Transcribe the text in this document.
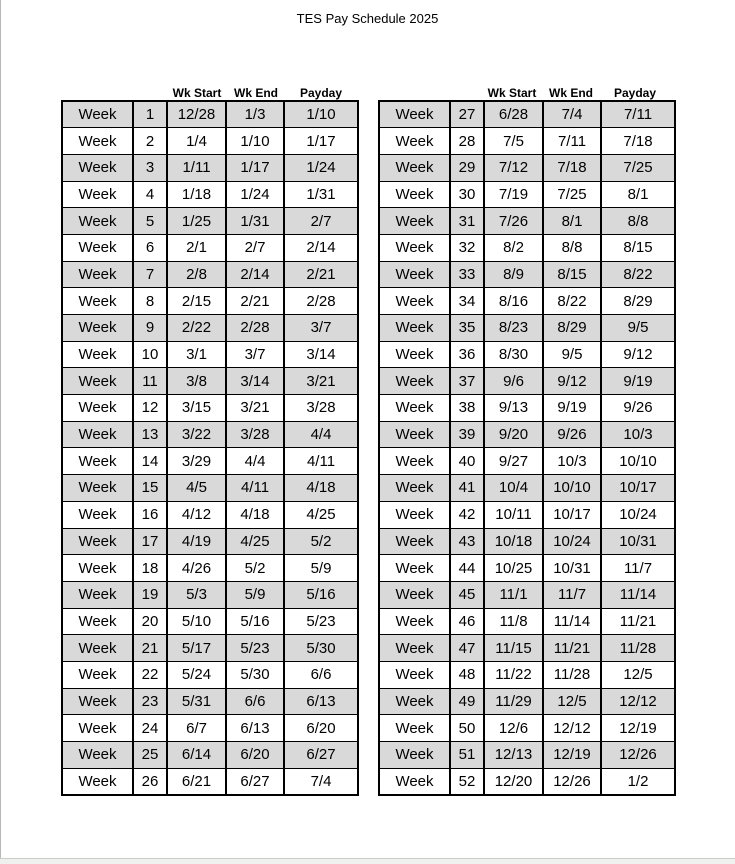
TES Pay Schedule 2025
Wk Start	Wk End	Payday	Wk Start	Wk End	Payday
Week	1	12/28	1/3	1/10
Week	2	1/4	1/10	1/17
Week	3	1/11	1/17	1/24
Week	4	1/18	1/24	1/31
Week	5	1/25	1/31	2/7
Week	6	2/1	2/7	2/14
Week	7	2/8	2/14	2/21
Week	8	2/15	2/21	2/28
Week	9	2/22	2/28	3/7
Week	10	3/1	3/7	3/14
Week	11	3/8	3/14	3/21
Week	12	3/15	3/21	3/28
Week	13	3/22	3/28	4/4
Week	14	3/29	4/4	4/11
Week	15	4/5	4/11	4/18
Week	16	4/12	4/18	4/25
Week	17	4/19	4/25	5/2
Week	18	4/26	5/2	5/9
Week	19	5/3	5/9	5/16
Week	20	5/10	5/16	5/23
Week	21	5/17	5/23	5/30
Week	22	5/24	5/30	6/6
Week	23	5/31	6/6	6/13
Week	24	6/7	6/13	6/20
Week	25	6/14	6/20	6/27
Week	26	6/21	6/27	7/4
Week	27	6/28	7/4	7/11
Week	28	7/5	7/11	7/18
Week	29	7/12	7/18	7/25
Week	30	7/19	7/25	8/1
Week	31	7/26	8/1	8/8
Week	32	8/2	8/8	8/15
Week	33	8/9	8/15	8/22
Week	34	8/16	8/22	8/29
Week	35	8/23	8/29	9/5
Week	36	8/30	9/5	9/12
Week	37	9/6	9/12	9/19
Week	38	9/13	9/19	9/26
Week	39	9/20	9/26	10/3
Week	40	9/27	10/3	10/10
Week	41	10/4	10/10	10/17
Week	42	10/11	10/17	10/24
Week	43	10/18	10/24	10/31
Week	44	10/25	10/31	11/7
Week	45	11/1	11/7	11/14
Week	46	11/8	11/14	11/21
Week	47	11/15	11/21	11/28
Week	48	11/22	11/28	12/5
Week	49	11/29	12/5	12/12
Week	50	12/6	12/12	12/19
Week	51	12/13	12/19	12/26
Week	52	12/20	12/26	1/2
